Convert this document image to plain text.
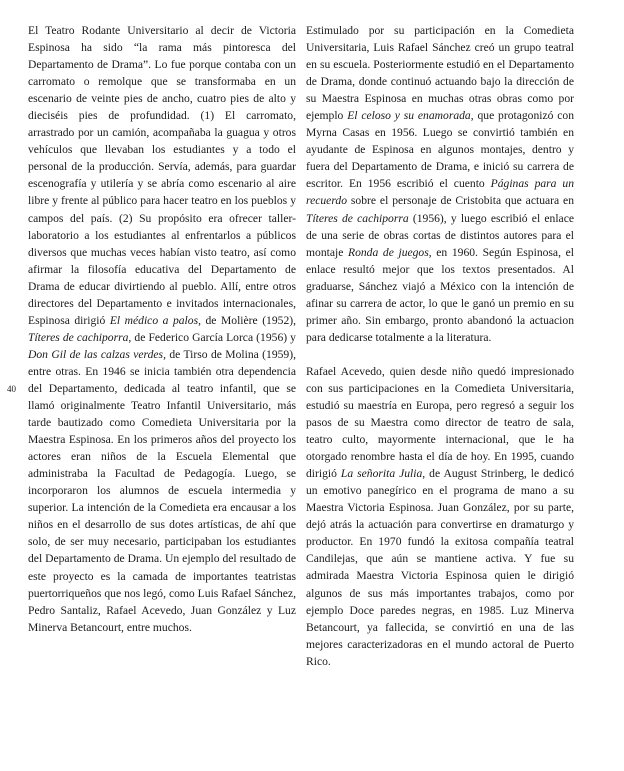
El Teatro Rodante Universitario al decir de Victoria Espinosa ha sido “la rama más pintoresca del Departamento de Drama”. Lo fue porque contaba con un carromato o remolque que se transformaba en un escenario de veinte pies de ancho, cuatro pies de alto y dieciséis pies de profundidad. (1) El carromato, arrastrado por un camión, acompañaba la guagua y otros vehículos que llevaban los estudiantes y a todo el personal de la producción. Servía, además, para guardar escenografía y utilería y se abría como escenario al aire libre y frente al público para hacer teatro en los pueblos y campos del país. (2) Su propósito era ofrecer taller-laboratorio a los estudiantes al enfrentarlos a públicos diversos que muchas veces habían visto teatro, así como afirmar la filosofía educativa del Departamento de Drama de educar divirtiendo al pueblo. Allí, entre otros directores del Departamento e invitados internacionales, Espinosa dirigió El médico a palos, de Molière (1952), Títeres de cachiporra, de Federico García Lorca (1956) y Don Gil de las calzas verdes, de Tirso de Molina (1959), entre otras. En 1946 se inicia también otra dependencia del Departamento, dedicada al teatro infantil, que se llamó originalmente Teatro Infantil Universitario, más tarde bautizado como Comedieta Universitaria por la Maestra Espinosa. En los primeros años del proyecto los actores eran niños de la Escuela Elemental que administraba la Facultad de Pedagogía. Luego, se incorporaron los alumnos de escuela intermedia y superior. La intención de la Comedieta era encausar a los niños en el desarrollo de sus dotes artísticas, de ahí que solo, de ser muy necesario, participaban los estudiantes del Departamento de Drama. Un ejemplo del resultado de este proyecto es la camada de importantes teatristas puertorriqueños que nos legó, como Luis Rafael Sánchez, Pedro Santaliz, Rafael Acevedo, Juan González y Luz Minerva Betancourt, entre muchos.

40

Estimulado por su participación en la Comedieta Universitaria, Luis Rafael Sánchez creó un grupo teatral en su escuela. Posteriormente estudió en el Departamento de Drama, donde continuó actuando bajo la dirección de su Maestra Espinosa en muchas otras obras como por ejemplo El celoso y su enamorada, que protagonizó con Myrna Casas en 1956. Luego se convirtió también en ayudante de Espinosa en algunos montajes, dentro y fuera del Departamento de Drama, e inició su carrera de escritor. En 1956 escribió el cuento Páginas para un recuerdo sobre el personaje de Cristobita que actuara en Títeres de cachiporra (1956), y luego escribió el enlace de una serie de obras cortas de distintos autores para el montaje Ronda de juegos, en 1960. Según Espinosa, el enlace resultó mejor que los textos presentados. Al graduarse, Sánchez viajó a México con la intención de afinar su carrera de actor, lo que le ganó un premio en su primer año. Sin embargo, pronto abandonó la actuacion para dedicarse totalmente a la literatura.

Rafael Acevedo, quien desde niño quedó impresionado con sus participaciones en la Comedieta Universitaria, estudió su maestría en Europa, pero regresó a seguir los pasos de su Maestra como director de teatro de sala, teatro culto, mayormente internacional, que le ha otorgado renombre hasta el día de hoy. En 1995, cuando dirigió La señorita Julia, de August Strinberg, le dedicó un emotivo panegírico en el programa de mano a su Maestra Victoria Espinosa. Juan González, por su parte, dejó atrás la actuación para convertirse en dramaturgo y productor. En 1970 fundó la exitosa compañía teatral Candilejas, que aún se mantiene activa. Y fue su admirada Maestra Victoria Espinosa quien le dirigió algunos de sus más importantes trabajos, como por ejemplo Doce paredes negras, en 1985. Luz Minerva Betancourt, ya fallecida, se convirtió en una de las mejores caracterizadoras en el mundo actoral de Puerto Rico.
